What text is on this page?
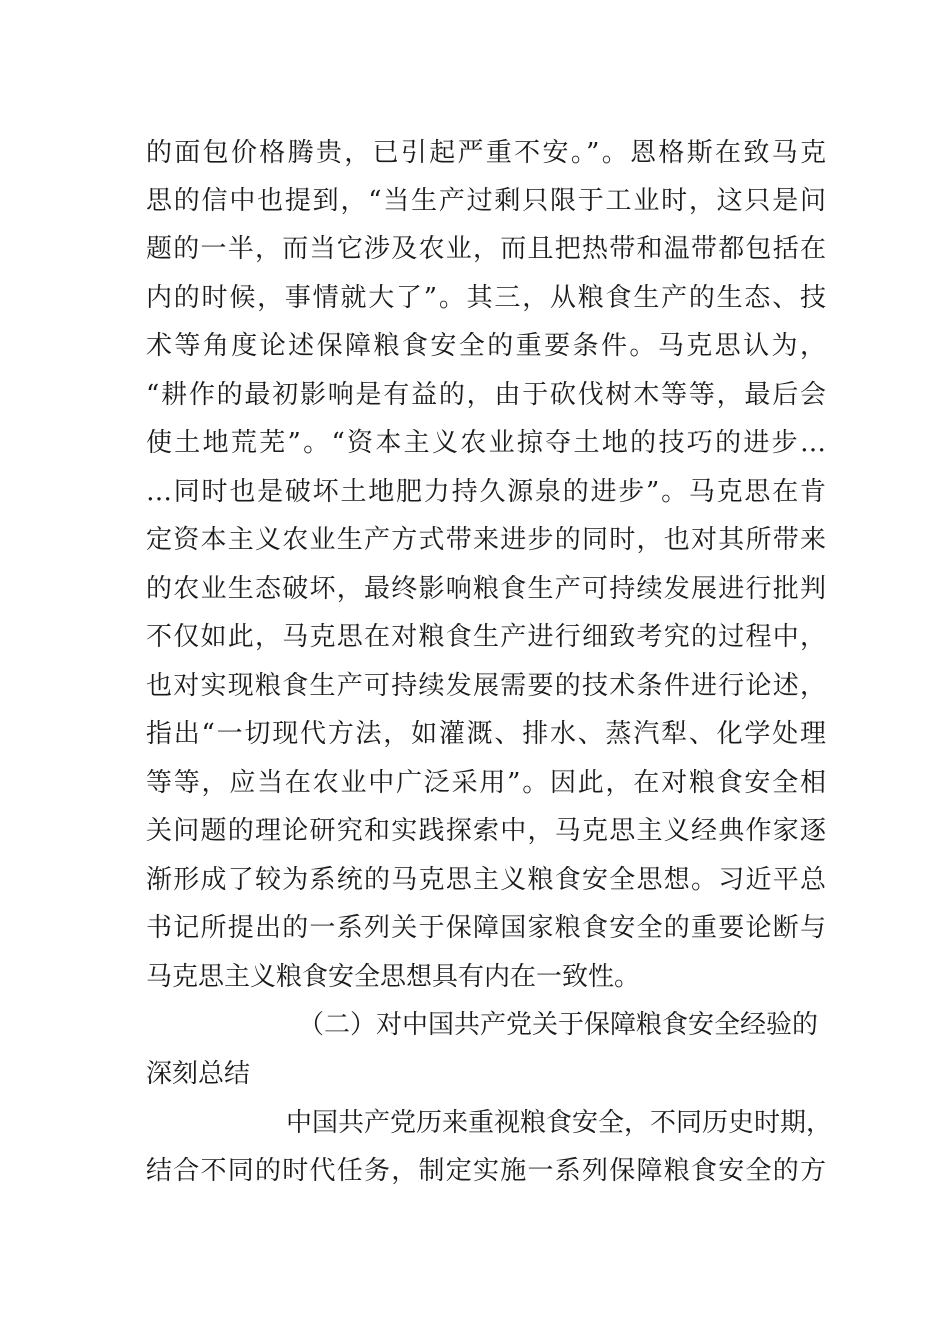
的面包价格腾贵，已引起严重不安。”。恩格斯在致马克
思的信中也提到，“当生产过剩只限于工业时，这只是问
题的一半，而当它涉及农业，而且把热带和温带都包括在
内的时候，事情就大了”。其三，从粮食生产的生态、技
术等角度论述保障粮食安全的重要条件。马克思认为，
“耕作的最初影响是有益的，由于砍伐树木等等，最后会
使土地荒芜”。“资本主义农业掠夺土地的技巧的进步…
…同时也是破坏土地肥力持久源泉的进步”。马克思在肯
定资本主义农业生产方式带来进步的同时，也对其所带来
的农业生态破坏，最终影响粮食生产可持续发展进行批判
不仅如此，马克思在对粮食生产进行细致考究的过程中，
也对实现粮食生产可持续发展需要的技术条件进行论述，
指出“一切现代方法，如灌溉、排水、蒸汽犁、化学处理
等等，应当在农业中广泛采用”。因此，在对粮食安全相
关问题的理论研究和实践探索中，马克思主义经典作家逐
渐形成了较为系统的马克思主义粮食安全思想。习近平总
书记所提出的一系列关于保障国家粮食安全的重要论断与
马克思主义粮食安全思想具有内在一致性。
（二）对中国共产党关于保障粮食安全经验的
深刻总结
中国共产党历来重视粮食安全，不同历史时期，
结合不同的时代任务，制定实施一系列保障粮食安全的方
